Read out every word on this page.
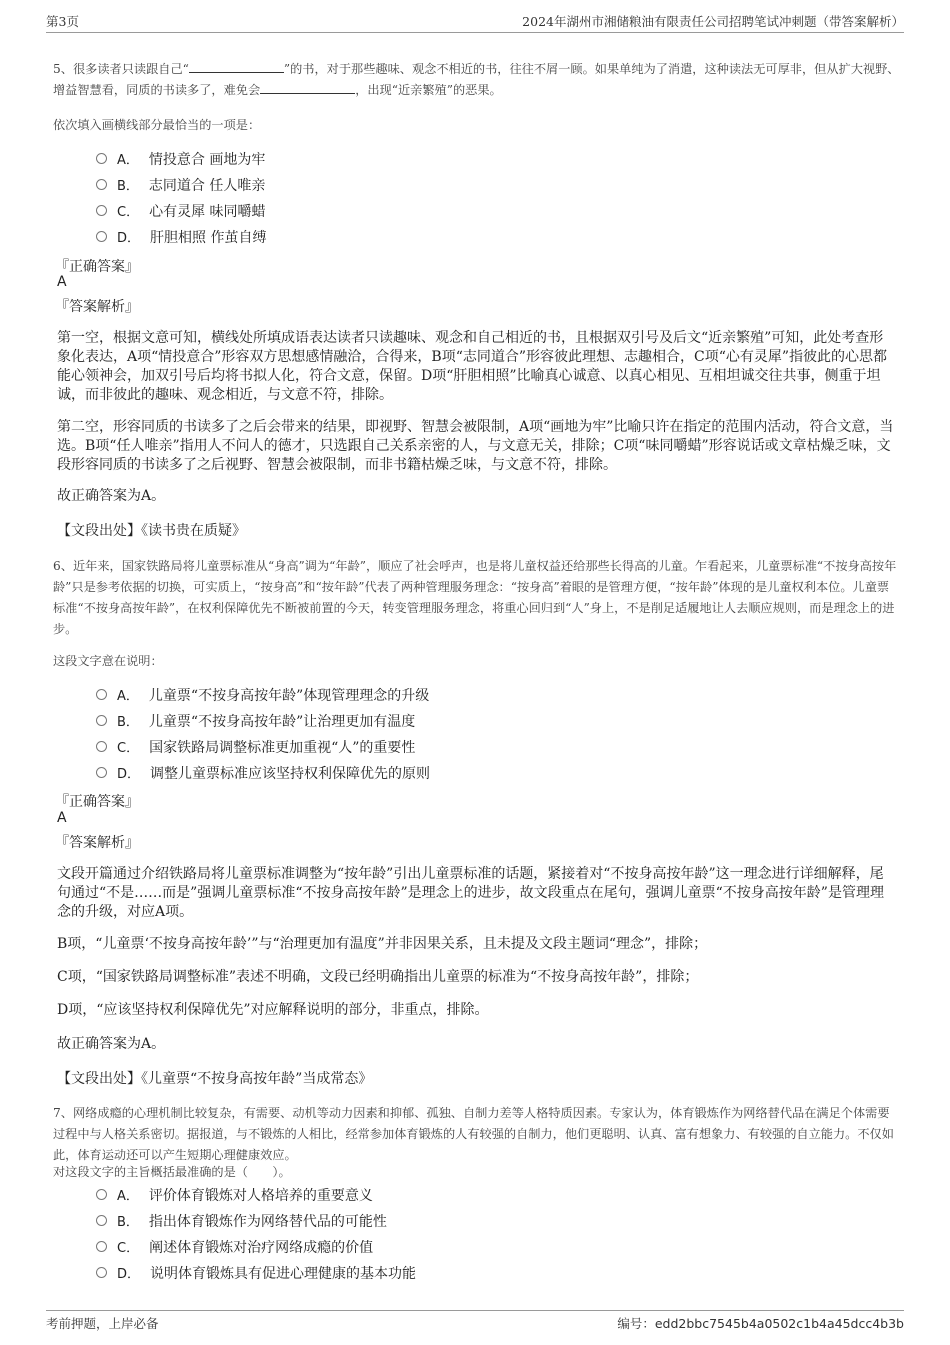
第3页	2024年湖州市湘储粮油有限责任公司招聘笔试冲刺题（带答案解析）
5、很多读者只读跟自己“	”的书，对于那些趣味、观念不相近的书，往往不屑一顾。如果单纯为了消遣，这种读法无可厚非，但从扩大视野、增益智慧看，同质的书读多了，难免会	，出现“近亲繁殖”的恶果。
依次填入画横线部分最恰当的一项是：
A． 情投意合 画地为牢
B． 志同道合 任人唯亲
C． 心有灵犀 味同嚼蜡
D． 肝胆相照 作茧自缚
『正确答案』
A
『答案解析』
第一空，根据文意可知，横线处所填成语表达读者只读趣味、观念和自己相近的书，且根据双引号及后文“近亲繁殖”可知，此处考查形象化表达，A项“情投意合”形容双方思想感情融洽，合得来，B项“志同道合”形容彼此理想、志趣相合，C项“心有灵犀”指彼此的心思都能心领神会，加双引号后均将书拟人化，符合文意，保留。D项“肝胆相照”比喻真心诚意、以真心相见、互相坦诚交往共事，侧重于坦诚，而非彼此的趣味、观念相近，与文意不符，排除。
第二空，形容同质的书读多了之后会带来的结果，即视野、智慧会被限制，A项“画地为牢”比喻只许在指定的范围内活动，符合文意，当选。B项“任人唯亲”指用人不问人的德才，只选跟自己关系亲密的人，与文意无关，排除；C项“味同嚼蜡”形容说话或文章枯燥乏味，文段形容同质的书读多了之后视野、智慧会被限制，而非书籍枯燥乏味，与文意不符，排除。
故正确答案为A。
【文段出处】《读书贵在质疑》
6、近年来，国家铁路局将儿童票标准从“身高”调为“年龄”，顺应了社会呼声，也是将儿童权益还给那些长得高的儿童。乍看起来，儿童票标准“不按身高按年龄”只是参考依据的切换，可实质上，“按身高”和“按年龄”代表了两种管理服务理念：“按身高”着眼的是管理方便，“按年龄”体现的是儿童权利本位。儿童票标准“不按身高按年龄”，在权利保障优先不断被前置的今天，转变管理服务理念，将重心回归到“人”身上，不是削足适履地让人去顺应规则，而是理念上的进步。
这段文字意在说明：
A． 儿童票“不按身高按年龄”体现管理理念的升级
B． 儿童票“不按身高按年龄”让治理更加有温度
C． 国家铁路局调整标准更加重视“人”的重要性
D． 调整儿童票标准应该坚持权利保障优先的原则
『正确答案』
A
『答案解析』
文段开篇通过介绍铁路局将儿童票标准调整为“按年龄”引出儿童票标准的话题，紧接着对“不按身高按年龄”这一理念进行详细解释，尾句通过“不是……而是”强调儿童票标准“不按身高按年龄”是理念上的进步，故文段重点在尾句，强调儿童票“不按身高按年龄”是管理理念的升级，对应A项。
B项，“儿童票‘不按身高按年龄’”与“治理更加有温度”并非因果关系，且未提及文段主题词“理念”，排除；
C项，“国家铁路局调整标准”表述不明确，文段已经明确指出儿童票的标准为“不按身高按年龄”，排除；
D项，“应该坚持权利保障优先”对应解释说明的部分，非重点，排除。
故正确答案为A。
【文段出处】《儿童票“不按身高按年龄”当成常态》
7、网络成瘾的心理机制比较复杂，有需要、动机等动力因素和抑郁、孤独、自制力差等人格特质因素。专家认为，体育锻炼作为网络替代品在满足个体需要过程中与人格关系密切。据报道，与不锻炼的人相比，经常参加体育锻炼的人有较强的自制力，他们更聪明、认真、富有想象力、有较强的自立能力。不仅如此，体育运动还可以产生短期心理健康效应。
对这段文字的主旨概括最准确的是（　　）。
A． 评价体育锻炼对人格培养的重要意义
B． 指出体育锻炼作为网络替代品的可能性
C． 阐述体育锻炼对治疗网络成瘾的价值
D． 说明体育锻炼具有促进心理健康的基本功能
考前押题，上岸必备	编号：edd2bbc7545b4a0502c1b4a45dcc4b3b
